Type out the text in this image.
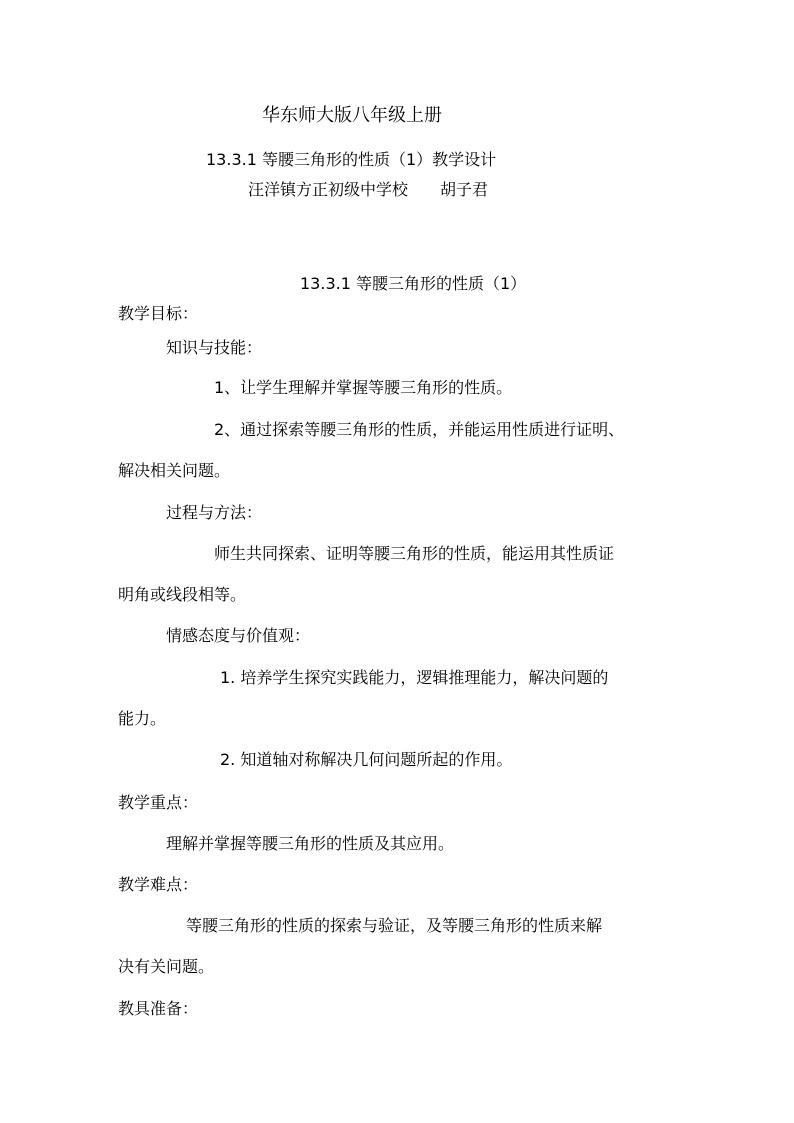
华东师大版八年级上册
13.3.1 等腰三角形的性质（1）教学设计
汪洋镇方正初级中学校 胡子君
13.3.1 等腰三角形的性质（1）
教学目标：
知识与技能：
1、让学生理解并掌握等腰三角形的性质。
2、通过探索等腰三角形的性质，并能运用性质进行证明、
解决相关问题。
过程与方法：
师生共同探索、证明等腰三角形的性质，能运用其性质证
明角或线段相等。
情感态度与价值观：
1. 培养学生探究实践能力，逻辑推理能力，解决问题的
能力。
2. 知道轴对称解决几何问题所起的作用。
教学重点：
理解并掌握等腰三角形的性质及其应用。
教学难点：
等腰三角形的性质的探索与验证，及等腰三角形的性质来解
决有关问题。
教具准备：
